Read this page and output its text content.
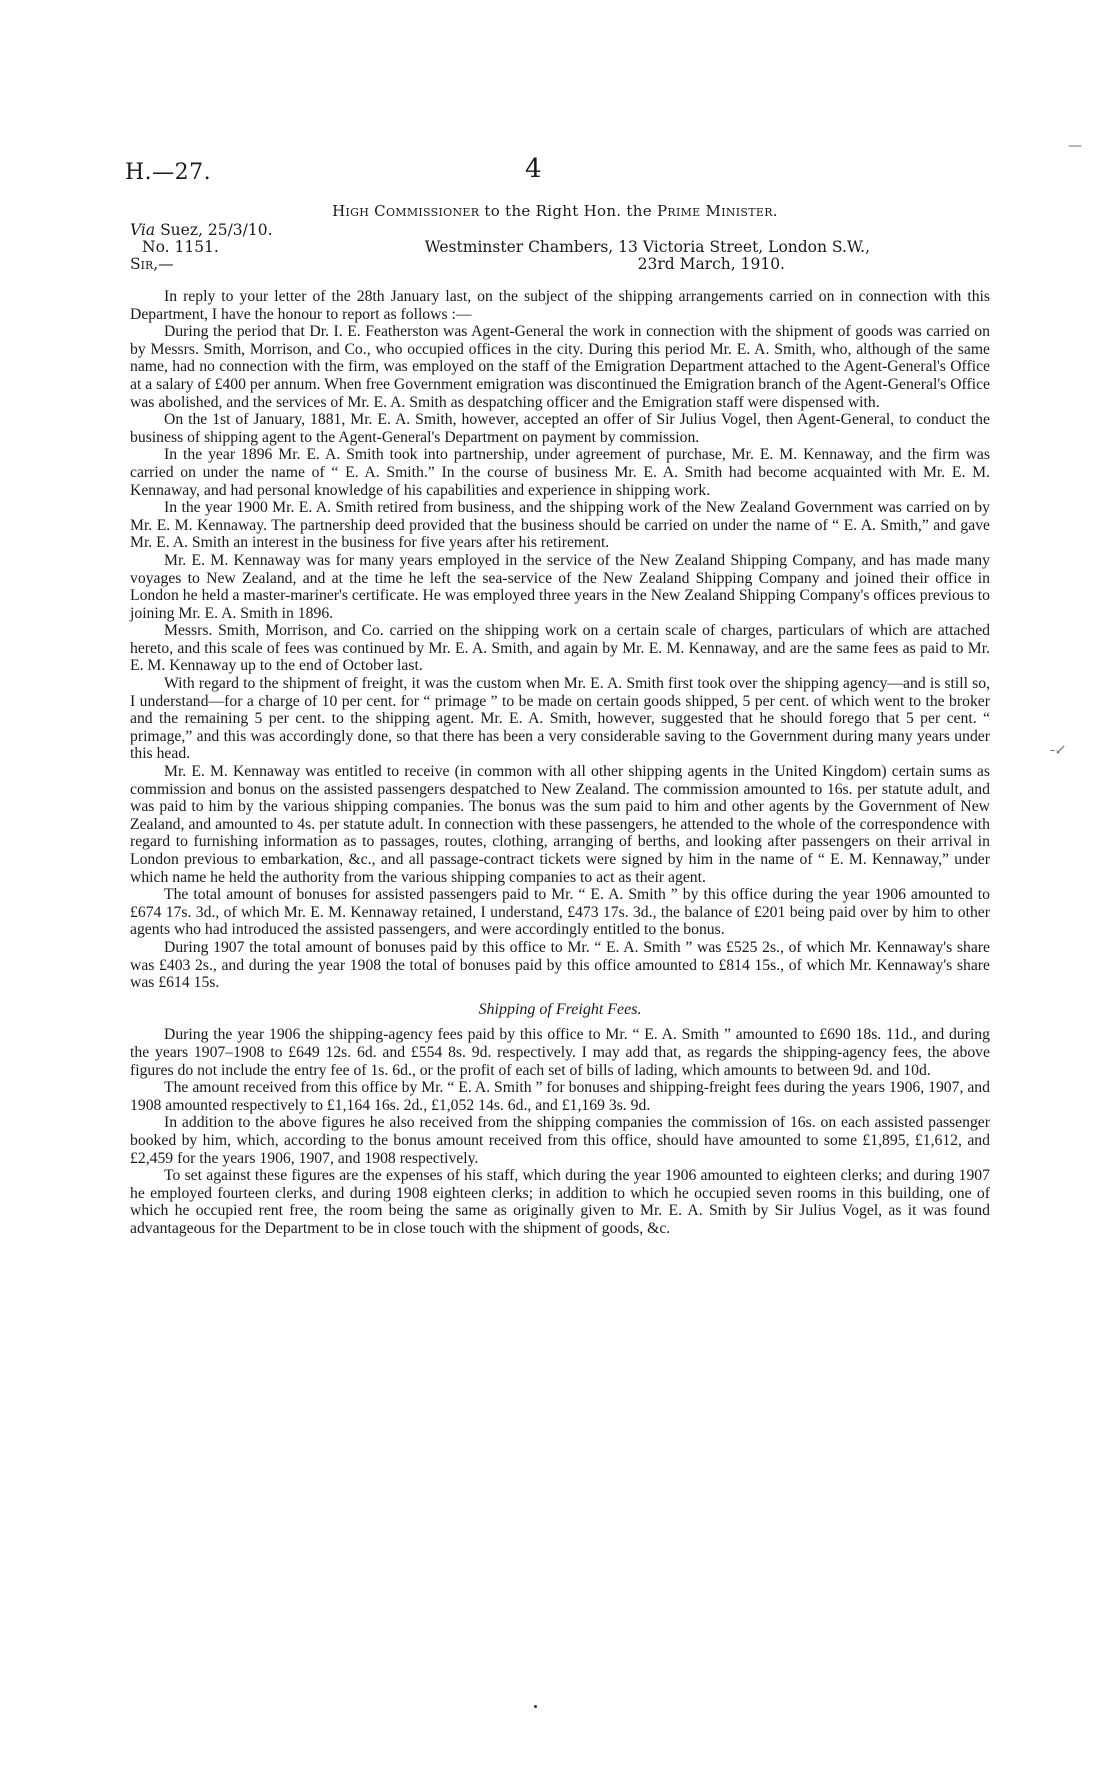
H.—27.	4
High Commissioner to the Right Hon. the Prime Minister.
Via Suez, 25/3/10.
No. 1151.	Westminster Chambers, 13 Victoria Street, London S.W.,
Sir,—	23rd March, 1910.

In reply to your letter of the 28th January last, on the subject of the shipping arrangements carried on in connection with this Department, I have the honour to report as follows :—

During the period that Dr. I. E. Featherston was Agent-General the work in connection with the shipment of goods was carried on by Messrs. Smith, Morrison, and Co., who occupied offices in the city. During this period Mr. E. A. Smith, who, although of the same name, had no connection with the firm, was employed on the staff of the Emigration Department attached to the Agent-General's Office at a salary of £400 per annum. When free Government emigration was discontinued the Emigration branch of the Agent-General's Office was abolished, and the services of Mr. E. A. Smith as despatching officer and the Emigration staff were dispensed with.

On the 1st of January, 1881, Mr. E. A. Smith, however, accepted an offer of Sir Julius Vogel, then Agent-General, to conduct the business of shipping agent to the Agent-General's Department on payment by commission.

In the year 1896 Mr. E. A. Smith took into partnership, under agreement of purchase, Mr. E. M. Kennaway, and the firm was carried on under the name of “ E. A. Smith.” In the course of business Mr. E. A. Smith had become acquainted with Mr. E. M. Kennaway, and had personal knowledge of his capabilities and experience in shipping work.

In the year 1900 Mr. E. A. Smith retired from business, and the shipping work of the New Zealand Government was carried on by Mr. E. M. Kennaway. The partnership deed provided that the business should be carried on under the name of “ E. A. Smith,” and gave Mr. E. A. Smith an interest in the business for five years after his retirement.

Mr. E. M. Kennaway was for many years employed in the service of the New Zealand Shipping Company, and has made many voyages to New Zealand, and at the time he left the sea-service of the New Zealand Shipping Company and joined their office in London he held a master-mariner's certificate. He was employed three years in the New Zealand Shipping Company's offices previous to joining Mr. E. A. Smith in 1896.

Messrs. Smith, Morrison, and Co. carried on the shipping work on a certain scale of charges, particulars of which are attached hereto, and this scale of fees was continued by Mr. E. A. Smith, and again by Mr. E. M. Kennaway, and are the same fees as paid to Mr. E. M. Kennaway up to the end of October last.

With regard to the shipment of freight, it was the custom when Mr. E. A. Smith first took over the shipping agency—and is still so, I understand—for a charge of 10 per cent. for “ primage ” to be made on certain goods shipped, 5 per cent. of which went to the broker and the remaining 5 per cent. to the shipping agent. Mr. E. A. Smith, however, suggested that he should forego that 5 per cent. “ primage,” and this was accordingly done, so that there has been a very considerable saving to the Government during many years under this head.

Mr. E. M. Kennaway was entitled to receive (in common with all other shipping agents in the United Kingdom) certain sums as commission and bonus on the assisted passengers despatched to New Zealand. The commission amounted to 16s. per statute adult, and was paid to him by the various shipping companies. The bonus was the sum paid to him and other agents by the Government of New Zealand, and amounted to 4s. per statute adult. In connection with these passengers, he attended to the whole of the correspondence with regard to furnishing information as to passages, routes, clothing, arranging of berths, and looking after passengers on their arrival in London previous to embarkation, &c., and all passage-contract tickets were signed by him in the name of “ E. M. Kennaway,” under which name he held the authority from the various shipping companies to act as their agent.

The total amount of bonuses for assisted passengers paid to Mr. “ E. A. Smith ” by this office during the year 1906 amounted to £674 17s. 3d., of which Mr. E. M. Kennaway retained, I understand, £473 17s. 3d., the balance of £201 being paid over by him to other agents who had introduced the assisted passengers, and were accordingly entitled to the bonus.

During 1907 the total amount of bonuses paid by this office to Mr. “ E. A. Smith ” was £525 2s., of which Mr. Kennaway's share was £403 2s., and during the year 1908 the total of bonuses paid by this office amounted to £814 15s., of which Mr. Kennaway's share was £614 15s.

Shipping of Freight Fees.

During the year 1906 the shipping-agency fees paid by this office to Mr. “ E. A. Smith ” amounted to £690 18s. 11d., and during the years 1907–1908 to £649 12s. 6d. and £554 8s. 9d. respectively. I may add that, as regards the shipping-agency fees, the above figures do not include the entry fee of 1s. 6d., or the profit of each set of bills of lading, which amounts to between 9d. and 10d.

The amount received from this office by Mr. “ E. A. Smith ” for bonuses and shipping-freight fees during the years 1906, 1907, and 1908 amounted respectively to £1,164 16s. 2d., £1,052 14s. 6d., and £1,169 3s. 9d.

In addition to the above figures he also received from the shipping companies the commission of 16s. on each assisted passenger booked by him, which, according to the bonus amount received from this office, should have amounted to some £1,895, £1,612, and £2,459 for the years 1906, 1907, and 1908 respectively.

To set against these figures are the expenses of his staff, which during the year 1906 amounted to eighteen clerks; and during 1907 he employed fourteen clerks, and during 1908 eighteen clerks; in addition to which he occupied seven rooms in this building, one of which he occupied rent free, the room being the same as originally given to Mr. E. A. Smith by Sir Julius Vogel, as it was found advantageous for the Department to be in close touch with the shipment of goods, &c.

—
-↙
